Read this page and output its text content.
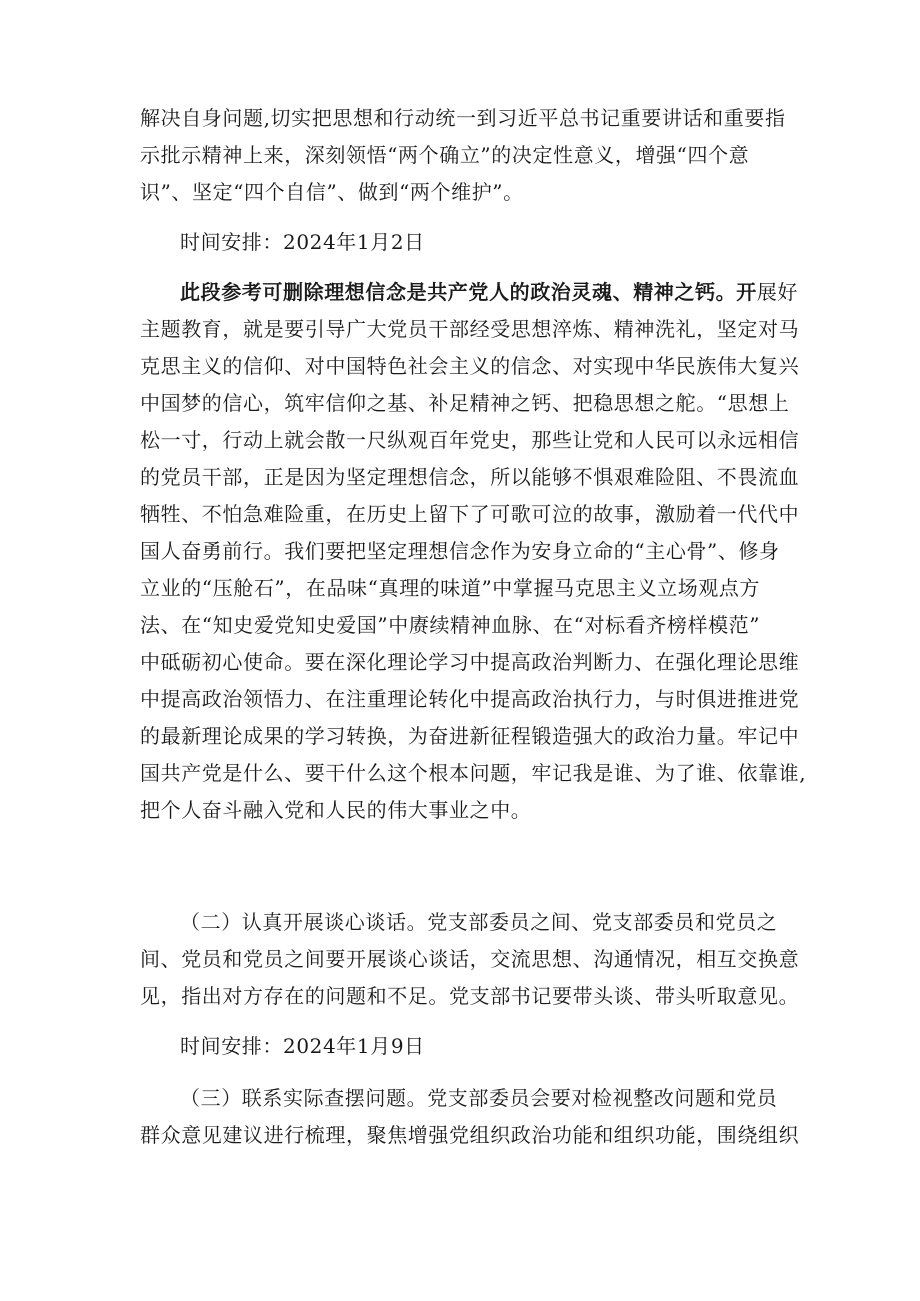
解决自身问题,切实把思想和行动统一到习近平总书记重要讲话和重要指
示批示精神上来，深刻领悟“两个确立”的决定性意义，增强“四个意
识”、坚定“四个自信”、做到“两个维护”。
时间安排：2024年1月2日
此段参考可删除理想信念是共产党人的政治灵魂、精神之钙。开展好
主题教育，就是要引导广大党员干部经受思想淬炼、精神洗礼，坚定对马
克思主义的信仰、对中国特色社会主义的信念、对实现中华民族伟大复兴
中国梦的信心，筑牢信仰之基、补足精神之钙、把稳思想之舵。“思想上
松一寸，行动上就会散一尺纵观百年党史，那些让党和人民可以永远相信
的党员干部，正是因为坚定理想信念，所以能够不惧艰难险阻、不畏流血
牺牲、不怕急难险重，在历史上留下了可歌可泣的故事，激励着一代代中
国人奋勇前行。我们要把坚定理想信念作为安身立命的“主心骨”、修身
立业的“压舱石”，在品味“真理的味道”中掌握马克思主义立场观点方
法、在“知史爱党知史爱国”中赓续精神血脉、在“对标看齐榜样模范”
中砥砺初心使命。要在深化理论学习中提高政治判断力、在强化理论思维
中提高政治领悟力、在注重理论转化中提高政治执行力，与时俱进推进党
的最新理论成果的学习转换，为奋进新征程锻造强大的政治力量。牢记中
国共产党是什么、要干什么这个根本问题，牢记我是谁、为了谁、依靠谁,
把个人奋斗融入党和人民的伟大事业之中。
（二）认真开展谈心谈话。党支部委员之间、党支部委员和党员之
间、党员和党员之间要开展谈心谈话，交流思想、沟通情况，相互交换意
见，指出对方存在的问题和不足。党支部书记要带头谈、带头听取意见。
时间安排：2024年1月9日
（三）联系实际查摆问题。党支部委员会要对检视整改问题和党员
群众意见建议进行梳理，聚焦增强党组织政治功能和组织功能，围绕组织
